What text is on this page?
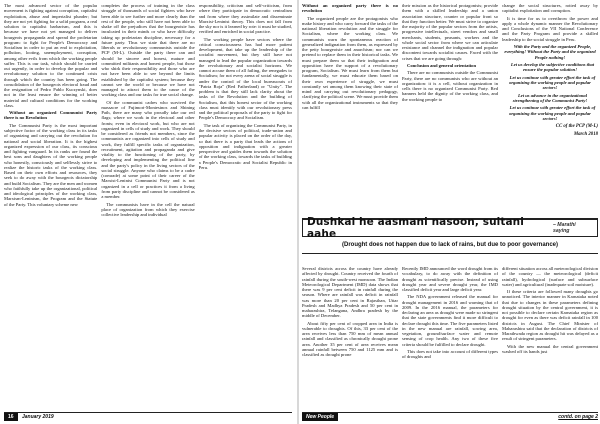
The most advanced sector of the popular movement is fighting against corruption, capitalist exploitation, abuse and imperialist plunder; but they are not yet fighting for a solid program, a real solution to capitalist barbarism, and this is because we have not yet managed to deliver bourgeois propaganda and spread the proletarian program: to fight for People's Democracy and Socialism in order to put an end to exploitation, pollution, looting, unemployment, corruption, among other evils from which the working people suffer. This is our task, which should be carried out urgently, in order to develop the popular and revolutionary solution to the continued crisis through which the country has been going. The consolidation of the bourgeois electoral fraud and the resignation of Pedro Pablo Kuczynski, does not in the least ensure the winning of better material and cultural conditions for the working class.

Without an organized Communist Party there is no Revolution

The Communist Party is the most important subjective factor of the working class in its tasks of organizing and carrying out the revolution for national and social liberation. It is the highest organized expression of our class, its conscious and fighting vanguard. In its ranks are found the best sons and daughters of the working people who honestly, consciously and selflessly strive to realize the historic tasks of the working class. Based on their own efforts and resources, they seek to do away with the bourgeois dictatorship and build Socialism. They are the men and women who faithfully take up the organizational, political and ideological principles of the working class, Marxism-Leninism, the Program and the Statute of the Party. This voluntary scheme new

completes the process of training in the class struggle of thousands of social fighters who have been able to see further and more clearly than the rest of the people, who still have not been able to shake off the prejudices that the bourgeoisie has inculcated in their minds or who have difficulty taking up proletarian discipline, necessary for a future party. Thus we state that there are no liberals or revolutionary communists outside the PCP (M-L). Outside the party there can and should be sincere and honest, mature and committed militants and honest people, but those who shirk their responsibility and those who are not have been able to see beyond the limits established by the capitalist system; because they cannot see the world or because we have not managed to attract them to the cause of the working class and our tasks for true social change.

Of the communist cadres who survived the massacre of Fujimori-Montesinos and Shining Path, there are many who proudly take our red flags; where we work in the electoral and other fronts; even in electoral work, but who are not organized in cells of study and work. They should be considered as friends not members, since the communists are organized into cells of study and work, they fulfill specific tasks of organization, recruitment, agitation and propaganda and give vitality to the functioning of the party, by developing and implementing the political line and the party's policy in the living sectors of the social struggle. Anyone who claims to be a cadre (comrade) at some point of their career of the Marxist-Leninist Communist Party and is not organized in a cell or practices it from a living from party discipline and cannot be considered as a member.

The communists have in the cell the natural place of organization from which they exercise collective leadership and individual

responsibility, criticism and self-criticism, from where they participate in democratic centralism and from where they assimilate and disseminate Marxist-Leninist theory. This does not fall from the sky nor is it learned by rote: it must be studied, verified and enriched in social practice.

The working people have sectors where the critical consciousness has had more patient development, that take up the leadership of the socialist movement, but they still have not managed to lead the popular organization towards the revolutionary and socialist horizons. We cannot accuse them of all failing, the renegades to Socialism; for not every arena of social struggle is under the control of the local bureaucrats of "Patria Roja" (Red Fatherland) or "Unity". The problem is that they still lack clarity about the tasks of the Revolution and the building of Socialism, that this honest sector of the working class must identify with our revolutionary press and the political proposals of the party to fight for People's Democracy and Socialism.

The task of organizing the Communist Party, in the decisive sectors of political, trade-union and popular activity is placed on the order of the day, so that there is a party that leads the actions of opposition and indignation with a greater perspective and guides them towards the solution of the working class, towards the tasks of building a People's Democratic and Socialist Republic in Peru.

16 January 2019

Without an organized party there is no revolution

The organized people are the protagonists who make history and who carry forward the tasks of the national liberation revolution and the struggle for Socialism, where the working class. We communists warn the spontaneous reaction of generalized indignation from them, as expressed by the petty bourgeoisie and anarchism; nor can we pretend to replace them in their historical tasks. We must prepare them so that their indignation and opposition have the support of a revolutionary program, Socialism. We must learn from them but fundamentally, we must educate them based on their own experience of struggle, we must constantly set among them knowing their state of mind and carrying out revolutionary pedagogy, clarifying the political scene. We must provide them with all the organizational instruments so that they can fulfill

their mission as the historical protagonists; provide them with a skilled leadership and a union association structure, counter or popular front so that they function better. We must strive to organize the majority of the popular sectors from the artists, progressive intellectuals, street vendors and small merchants, students, peasants, workers and the whole social sector from where we can articulate resistance and channel the indignation and popular discontent towards socialist causes. Faced with the crises that we are going through:

Conclusion and general orientation

There are no communists outside the Communist Party, there are no communists who are without an organization: it is a cell, without organization in cells there is no organized Communist Party. Red banners held the dignity of the working class, and the working people to

change the social structures, rotted away by capitalist exploitation and corruption.

It is time for us to overthrow the power and apply a whole dynamic manner the Revolutionary and Conclusions of the VII National Conference and the Party Program and provide a skilled leadership to the social struggle in Peru.

With the Party and the organized People, everything! Without the Party and the organized People nothing!

Let us develop the subjective conditions that ensure the popular solution!

Let us continue with greater effort the task of organizing the working people and popular sectors!

Let us advance in the organizational strengthening of the Communist Party!

Let us continue with greater effort the task of organizing the working people and popular sectors!

CC of the PCP (M-L)

March 2018

Dushkal he aasmani nasoon, sultani aahe
– Marathi saying
(Drought does not happen due to lack of rains, but due to poor governance)

Several districts across the country have already affected by drought. Country received the fourth of rainfall during the south-west monsoon. The Indian Meteorological Department (IMD) data shows that there was 9 per cent deficit in rainfall during the season. Where are rainfall was deficit in rainfall was more than 20 per cent in Rajasthan, Uttar Pradesh and Madhya Pradesh and 50 per cent in maharashtra, Telangana, Andhra pradesh by the middle of December.

About fifty per cent of cropped area in India is vulnerable to droughts. Of this, 33 per cent of the area receives less than 750 mm of mean annual rainfall and classified as chronically drought prone area. Another 35 per cent of area receives mean annual rainfall between 750 and 1125 mm and is classified as drought prone

Recently IMD announced the word drought from its vocabulary, to do away with the definition of drought as scientifically precise. Instead of using drought year and severe drought year, the IMD classified deficit year and large deficit year.

The NDA government released the manual for drought management in 2016 and warning that of 2009. In the 2016 manual, the parameters for declaring an area as drought were made so stringent that the state governments find it more difficult to declare drought this time. The five parameters listed in the new manual are rainfall, sowing area, vegetation, ground/surface water and remote sensing of crop health. Any two of these five criteria should be fulfilled to declare drought.

This does not take into account of different types of droughts and

different situation across all meteorological division of the country — the meteorological (deficit rainfall), hydrological (surface and subsurface water) and agricultural (inadequate soil moisture).

If these criteria are followed many droughts go unnoticed. The interior manner in Karnataka noted that due to changes in these parameters defining drought situation by the central government, it is not possible to declare certain Karnataka region as drought for even as there was deficit rainfall in 100 districts in August. The Chief Minister of Maharashtra said that the declaration of districts of Marathwada region as drought hit was delayed as a result of stringent parameters.

With the new manual the central government washed off its hands just

New People	contd. on page 2
